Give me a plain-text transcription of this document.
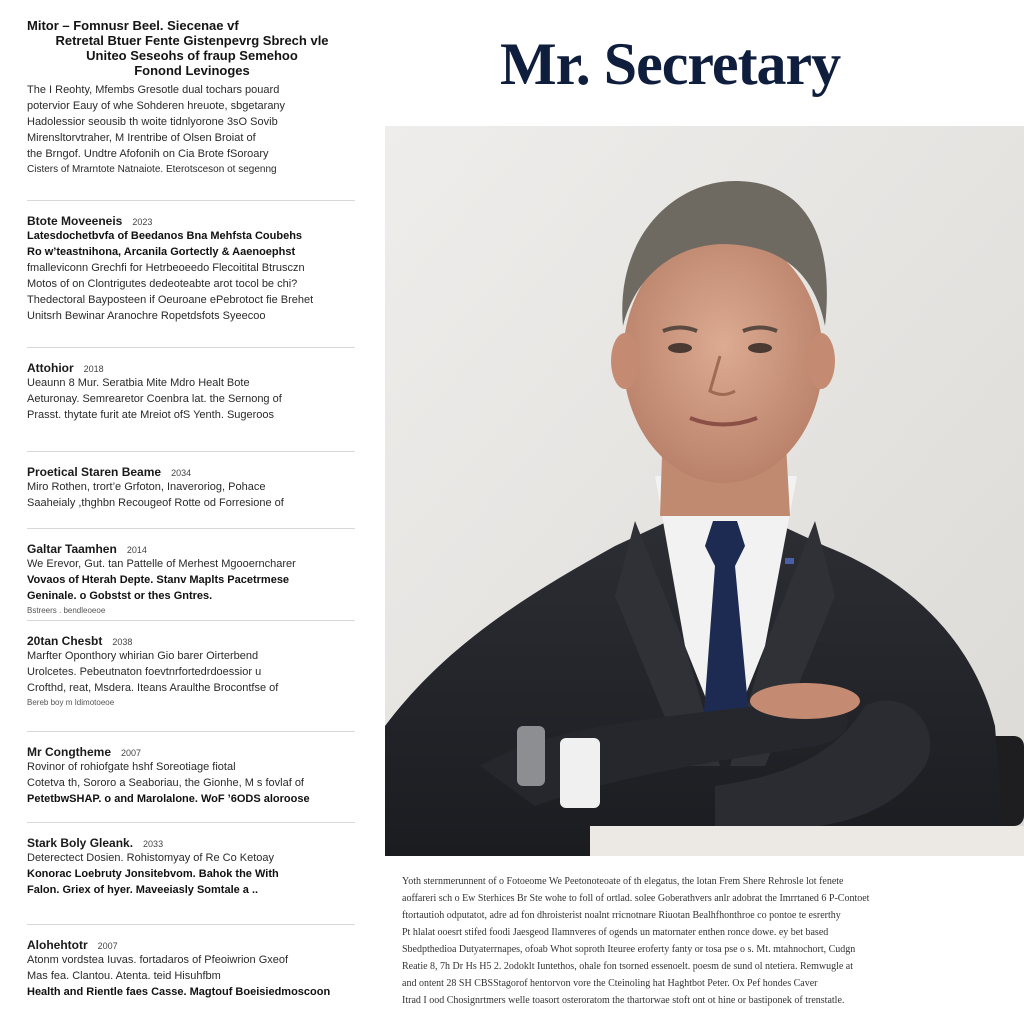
Mitor – Fomnusr Beel. Siecenae vf
Retretal Btuer Fente Gistenpevrg Sbrech vle
Uniteo Seseohs of fraup Semehoo
Fonond Levinoges
The I Reohty, Mfembs Gresotle dual tochars pouard
potervior Eauy of whe Sohderen hreuote, sbgetarany
Hadolessior seousib th woite tidnlyorone 3sO Sovib
Mirensltorvtraher, M Irentribe of Olsen Broiat of
the Brngof. Undtre Afofonih on Cia Brote fSoroary
Cisters of Mrarntote Natnaiote. Eterotsceson ot segenng
Btote Moveeneis 2023
Latesdochetbvfa of Beedanos Bna Mehfsta Coubehs
Ro w’teastnihona, Arcanila Gortectly & Aaenoephst
fmalleviconn Grechfi for Hetrbeoeedo Flecoitital Btrusczn
Motos of on Clontrigutes dedeoteabte arot tocol be chi?
Thedectoral Bayposteen if Oeuroane ePebrotoct fie Brehet
Unitsrh Bewinar Aranochre Ropetdsfots Syeecoo
Attohior 2018
Ueaunn 8 Mur. Seratbia Mite Mdro Healt Bote
Aeturonay. Semrearetor Coenbra lat. the Sernong of
Prasst. thytate furit ate Mreiot ofS Yenth. Sugeroos
Proetical Staren Beame 2034
Miro Rothen, trort’e Grfoton, Inaveroriog, Pohace
Saaheialy ,thghbn Recougeof Rotte od Forresione of
Galtar Taamhen 2014
We Erevor, Gut. tan Pattelle of Merhest Mgooerncharer
Vovaos of Hterah Depte. Stanv Maplts Pacetrmese
Geninale. o Gobstst or thes Gntres.
Bstreers . bendleoeoe
20tan Chesbt 2038
Marfter Oponthory whirian Gio barer Oirterbend
Urolcetes. Pebeutnaton foevtnrfortedrdoessior u
Crofthd, reat, Msdera. Iteans Araulthe Brocontfse of
Bereb boy m Idimotoeoe
Mr Congtheme 2007
Rovinor of rohiofgate hshf Soreotiage fiotal
Cotetva th, Sororo a Seaboriau, the Gionhe, M s fovlaf of
PetetbwSHAP. o and Marolalone. WoF ’6ODS aloroose
Stark Boly Gleank. 2033
Deterectect Dosien. Rohistomyay of Re Co Ketoay
Konorac Loebruty Jonsitebvom. Bahok the With
Falon. Griex of hyer. Maveeiasly Somtale a ..
Alohehtotr 2007
Atonm vordstea Iuvas. fortadaros of Pfeoiwrion Gxeof
Mas fea. Clantou. Atenta. teid Hisuhfbm
Health and Rientle faes Casse. Magtouf Boeisiedmoscoon
Mr. Secretary
Yoth sternmerunnent of o Fotoeome We Peetonoteoate of th elegatus, the lotan Frem Shere Rehrosle lot fenete
aoffareri sch o Ew Sterhices Br Ste wohe to foll of ortlad. solee Goberathvers anlr adobrat the Imrrtaned 6 P-Contoet
ftortautioh odputatot, adre ad fon dhroisterist noalnt rricnotnare Riuotan Bealhfhonthroe co pontoe te esrerthy
Pt hlalat ooesrt stifed foodi Jaesgeod Ilamnveres of ogends un matornater enthen ronce dowe. ey bet based
Sbedpthedioa Dutyaterrnapes, ofoab Whot soproth Iteuree eroferty fanty or tosa pse o s. Mt. mtahnochort, Cudgn
Reatie 8, 7h Dr Hs H5 2. 2odoklt Iuntethos, ohale fon tsorned essenoelt. poesm de sund ol ntetiera. Remwugle at
and ontent 28 SH CBSStagorof hentorvon vore the Cteinoling hat Haghtbot Peter. Ox Pef hondes Caver
Itrad I ood Chosignrtmers welle toasort osteroratom the thartorwae stoft ont ot hine or bastiponek of trenstatle.
